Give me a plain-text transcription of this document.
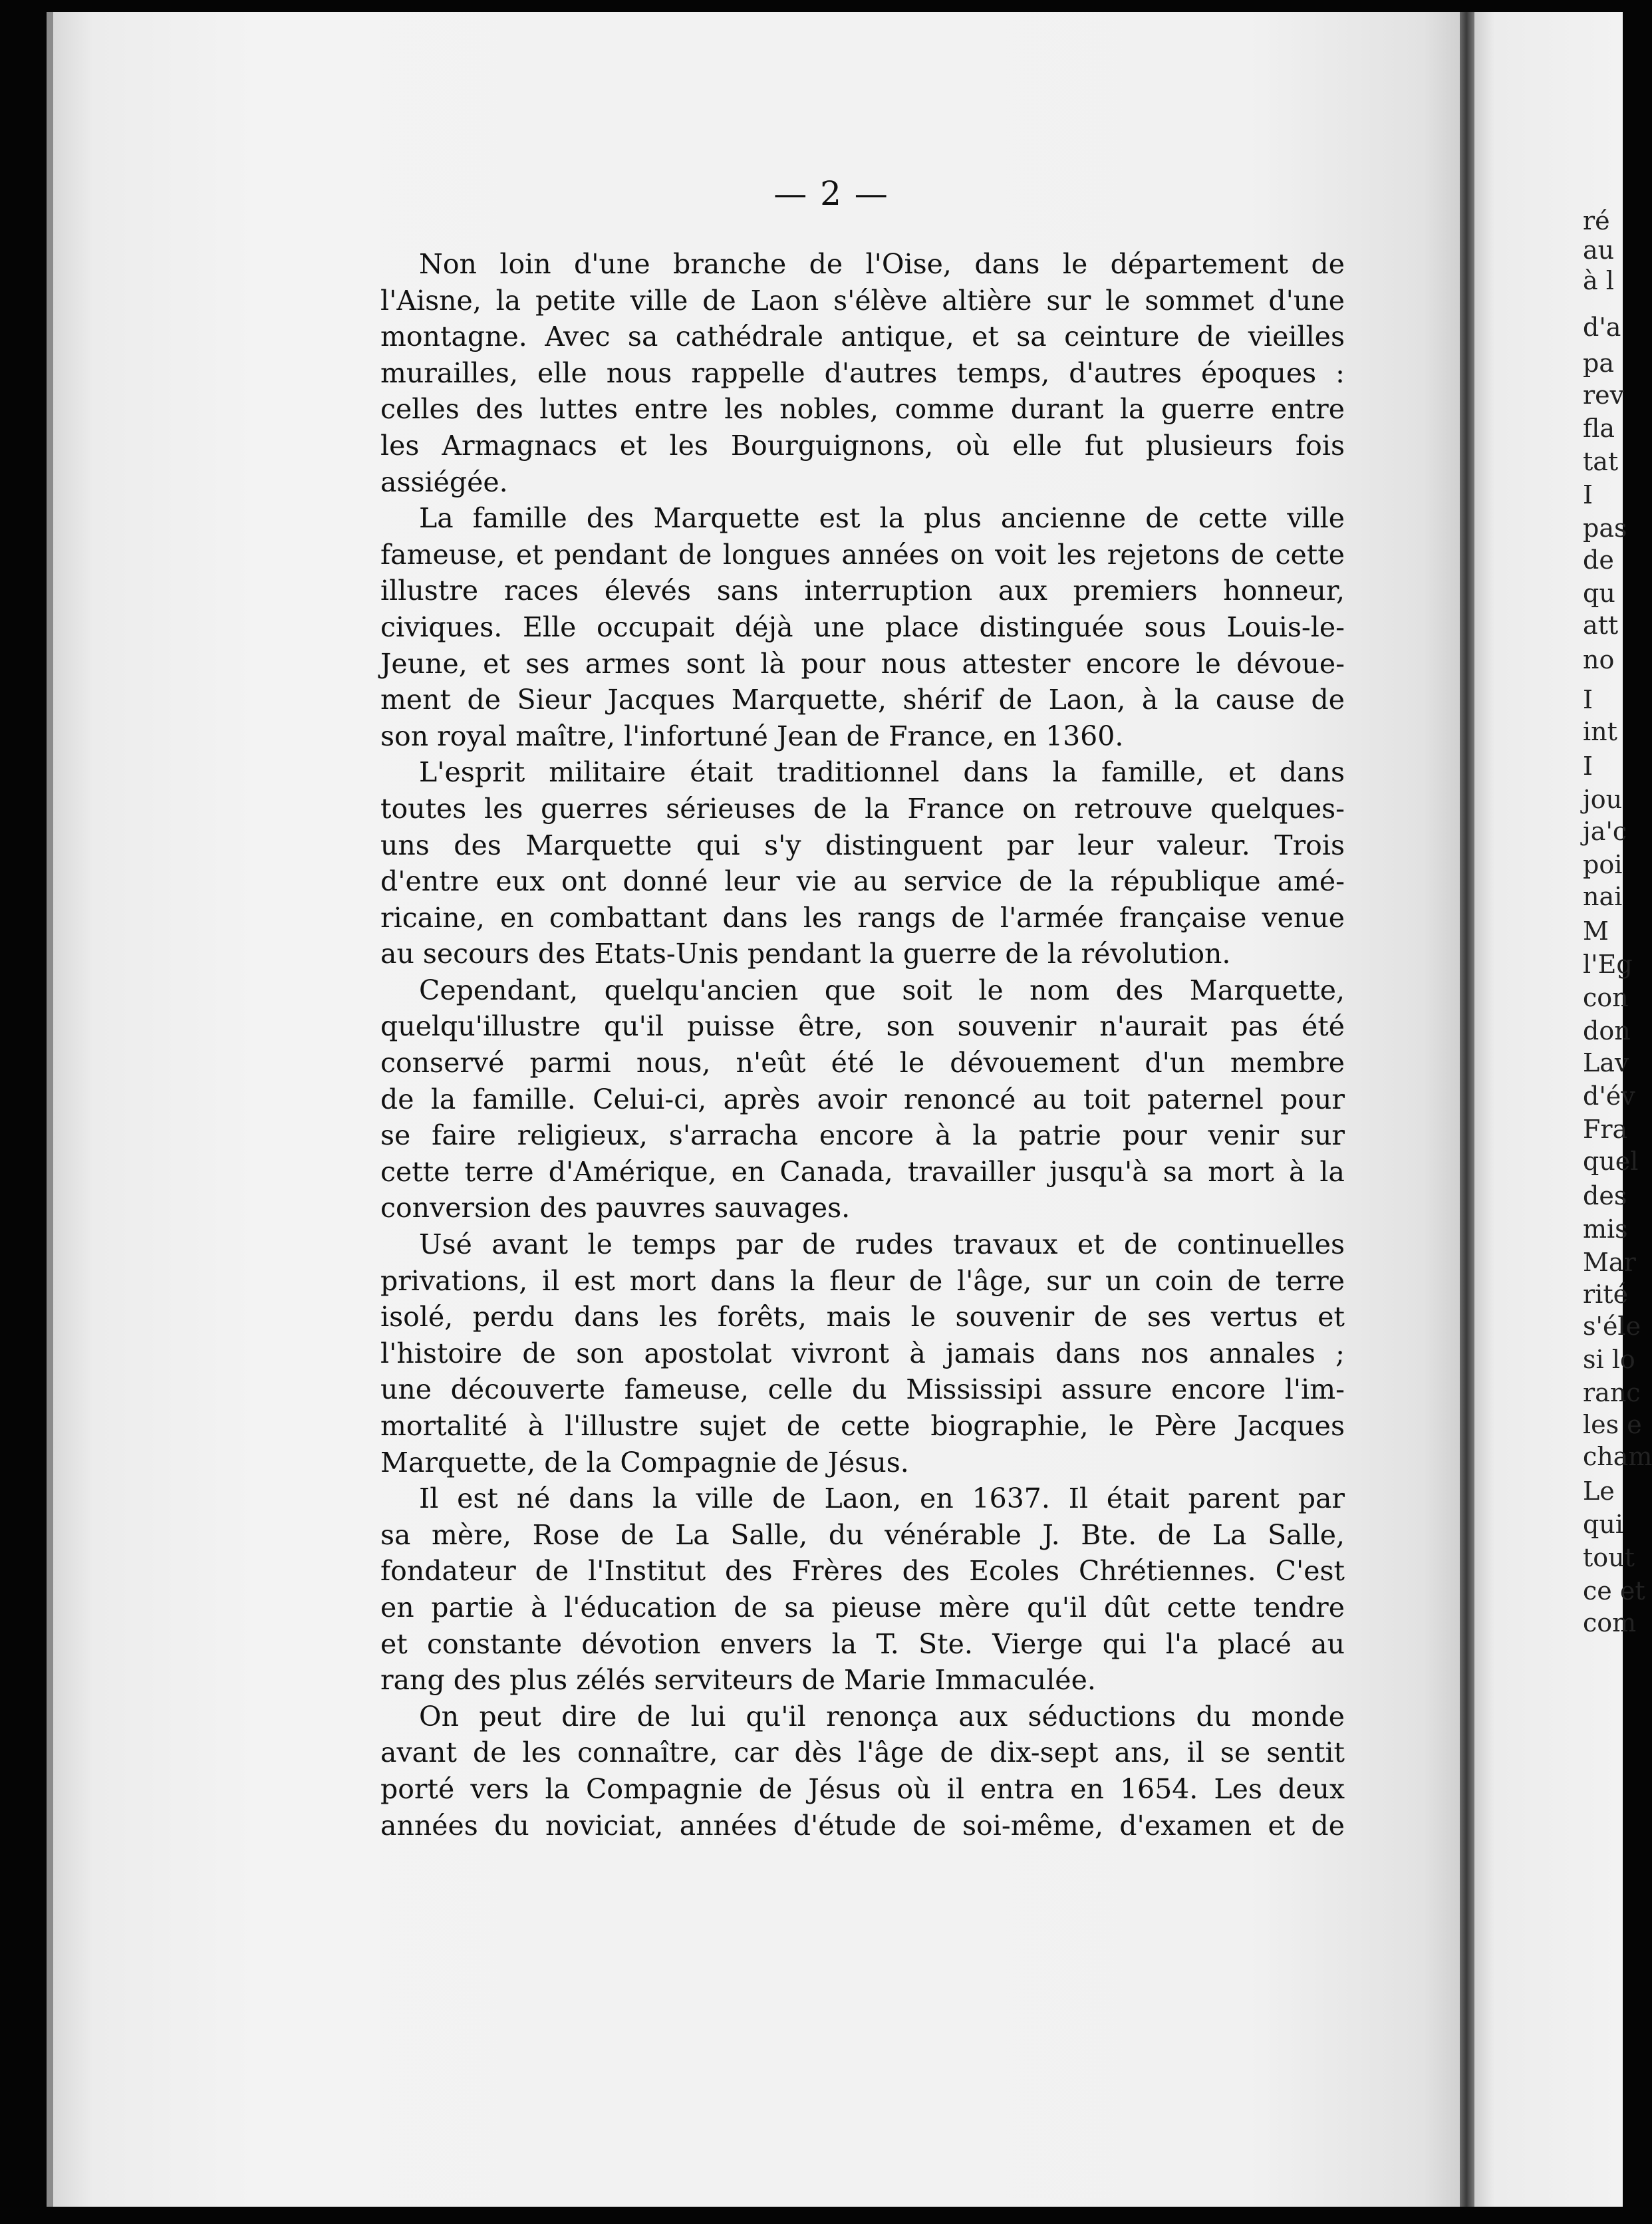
— 2 —
Non loin d'une branche de l'Oise, dans le département de
l'Aisne, la petite ville de Laon s'élève altière sur le sommet d'une
montagne. Avec sa cathédrale antique, et sa ceinture de vieilles
murailles, elle nous rappelle d'autres temps, d'autres époques :
celles des luttes entre les nobles, comme durant la guerre entre
les Armagnacs et les Bourguignons, où elle fut plusieurs fois
assiégée.
La famille des Marquette est la plus ancienne de cette ville
fameuse, et pendant de longues années on voit les rejetons de cette
illustre races élevés sans interruption aux premiers honneur,
civiques. Elle occupait déjà une place distinguée sous Louis-le-
Jeune, et ses armes sont là pour nous attester encore le dévoue-
ment de Sieur Jacques Marquette, shérif de Laon, à la cause de
son royal maître, l'infortuné Jean de France, en 1360.
L'esprit militaire était traditionnel dans la famille, et dans
toutes les guerres sérieuses de la France on retrouve quelques-
uns des Marquette qui s'y distinguent par leur valeur. Trois
d'entre eux ont donné leur vie au service de la république amé-
ricaine, en combattant dans les rangs de l'armée française venue
au secours des Etats-Unis pendant la guerre de la révolution.
Cependant, quelqu'ancien que soit le nom des Marquette,
quelqu'illustre qu'il puisse être, son souvenir n'aurait pas été
conservé parmi nous, n'eût été le dévouement d'un membre
de la famille. Celui-ci, après avoir renoncé au toit paternel pour
se faire religieux, s'arracha encore à la patrie pour venir sur
cette terre d'Amérique, en Canada, travailler jusqu'à sa mort à la
conversion des pauvres sauvages.
Usé avant le temps par de rudes travaux et de continuelles
privations, il est mort dans la fleur de l'âge, sur un coin de terre
isolé, perdu dans les forêts, mais le souvenir de ses vertus et
l'histoire de son apostolat vivront à jamais dans nos annales ;
une découverte fameuse, celle du Mississipi assure encore l'im-
mortalité à l'illustre sujet de cette biographie, le Père Jacques
Marquette, de la Compagnie de Jésus.
Il est né dans la ville de Laon, en 1637. Il était parent par
sa mère, Rose de La Salle, du vénérable J. Bte. de La Salle,
fondateur de l'Institut des Frères des Ecoles Chrétiennes. C'est
en partie à l'éducation de sa pieuse mère qu'il dût cette tendre
et constante dévotion envers la T. Ste. Vierge qui l'a placé au
rang des plus zélés serviteurs de Marie Immaculée.
On peut dire de lui qu'il renonça aux séductions du monde
avant de les connaître, car dès l'âge de dix-sept ans, il se sentit
porté vers la Compagnie de Jésus où il entra en 1654. Les deux
années du noviciat, années d'étude de soi-même, d'examen et de
ré
au
à l
d'a
pa
rev
fla
tat
I
pas
de
qu
att
no
I
int
I
jou
ja'c
poi
nai
M
l'Eg
con
don
Lav
d'év
Fra
quel
des
mis
Mar
rité
s'éle
si lo
ranc
les e
cham
Le
qui
tout
ce et
com
